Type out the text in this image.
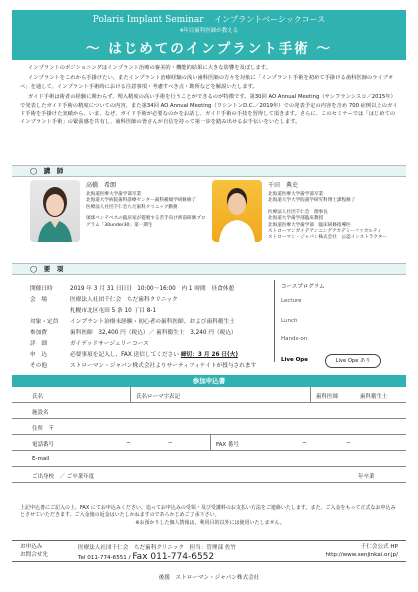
Polaris Implant Seminar インプラントベーシックコース
4年目歯科医師が教える
〜 はじめてのインプラント手術 〜

インプラントのポジショニングはインプラント治療の審美的・機能的結果に大きな影響を及ぼします。

インプラントをこれから手掛けたい、またインプラント治療経験の浅い歯科医師の方々を対象に「インプラント手術を初めて手掛ける歯科医師のライブオペ」を通して、インプラント手術時における注意事項・考慮すべき点・勘所などを解説いたします。

ガイド手術は術者の経験に関わらず、埋入精度の高い手術を行うことができるのが特徴です。第30回 AO Annual Meeting（サンフランシスコ／2015年）で発表したガイド手術の精度についての内容、また第34回 AO Annual Meeting（ワシントンD.C.／2019年）での発表予定の内容を含め 700 症例以上のガイド手術を手掛けた実績から、いま、なぜ、ガイド手術が必要なのかをお話し、ガイド手術の手技を習得して頂きます。さらに、このセミナーでは「はじめての インプラント手術」の緊張感を共有し、歯科医師の皆さんが自信を持って第一歩を踏み出せるお手伝いをいたします。

◯　講　師
高橋　希朗
北海道医療大学歯学部卒業
北海道大学病院歯科診療センター歯科補綴学研修修了
医療法人社団千仁会ちだ歯科クリニック勤務
琉球ペンテベスの臨床家が提唱する若手向け術前研修プログラム「30under30」第一期生
千田　典史
北海道医療大学歯学部卒業
北海道大学大学院歯学研究科博士課程修了
医療法人社団千仁会　理事長
北海道大学歯学部臨床教授
北海道医療大学歯学部　臨床研修指導医
ストローマンガイデアンニングアカデミーファカルティ
ストローマン・ジャパン株式会社　公認インストラクター
◯　要　項
開催日時	2019 年 3 月 31 日(日)　10:00〜16:00　内 1 時間　昼食休憩
会　場	医療法人社団千仁会　ちだ歯科クリニック
札幌市北区屯田 5 条 10 丁目 8-1
対象・定員	インプラント治療未経験・初心者の歯科医師、および歯科衛生士
参加費	歯科医師　32,400 円（税込）／ 歯科衛生士　3,240 円（税込）
詳　細	ガイデッドサージェリーコース
申　込	必要事項を記入し、FAX 送信してください 締切：3 月 26 日(火)
その他	ストローマン・ジャパン株式会社よりサーティフィケイトが授与されます
コースプログラム
Lecture
Lunch
Hands-on
Live Ope	Live Ope あり
参加申込書
氏名	氏名ローマ字表記	歯科医師	歯科衛生士
施設名
住所　〒
電話番号	−	−	FAX 番号	−	−
E-mail
ご出身校　／ ご卒業年度	年卒業

上記申込書にご記入の上、FAX にてお申込みください。追ってお申込みの受領・及び受講料のお支払い方法をご連絡いたします。また、ご入金をもって正式なお申込みとさせていただきます。ご入金後の返金はいたしかねますのであらかじめご了承下さい。

※お預かりした個人情報は、利用目的以外には使用いたしません。

お申込み
お問合せ先
医療法人社団千仁会　ちだ歯科クリニック　担当：管理部 佐竹
Tel 011-774-6551 / Fax 011-774-6552
千仁会公式 HP
http://www.senjinkai.or.jp/
後援　ストローマン・ジャパン株式会社
